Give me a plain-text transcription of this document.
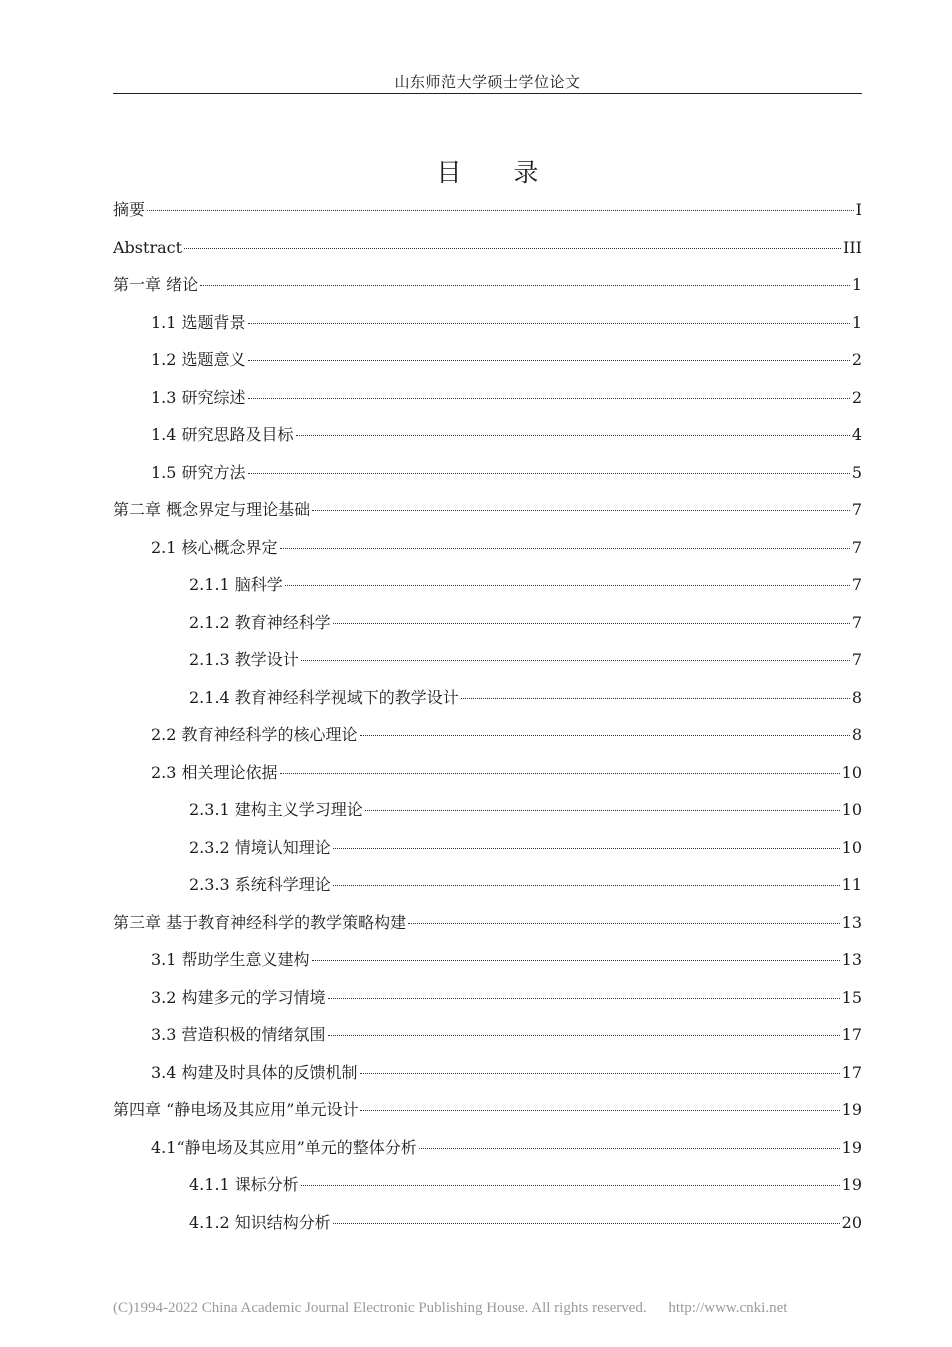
山东师范大学硕士学位论文
目 录
摘要	I
Abstract	III
第一章 绪论	1
1.1 选题背景	1
1.2 选题意义	2
1.3 研究综述	2
1.4 研究思路及目标	4
1.5 研究方法	5
第二章 概念界定与理论基础	7
2.1 核心概念界定	7
2.1.1 脑科学	7
2.1.2 教育神经科学	7
2.1.3 教学设计	7
2.1.4 教育神经科学视域下的教学设计	8
2.2 教育神经科学的核心理论	8
2.3 相关理论依据	10
2.3.1 建构主义学习理论	10
2.3.2 情境认知理论	10
2.3.3 系统科学理论	11
第三章 基于教育神经科学的教学策略构建	13
3.1 帮助学生意义建构	13
3.2 构建多元的学习情境	15
3.3 营造积极的情绪氛围	17
3.4 构建及时具体的反馈机制	17
第四章 “静电场及其应用”单元设计	19
4.1“静电场及其应用”单元的整体分析	19
4.1.1 课标分析	19
4.1.2 知识结构分析	20
(C)1994-2022 China Academic Journal Electronic Publishing House. All rights reserved. http://www.cnki.net
